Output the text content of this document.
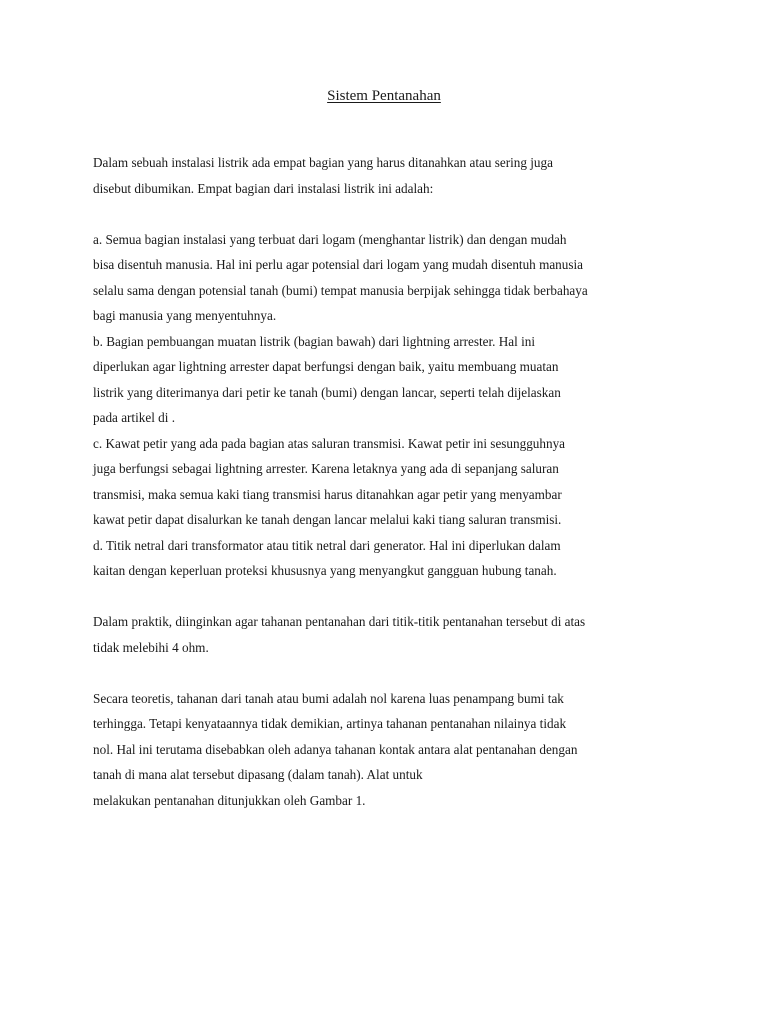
Sistem Pentanahan
Dalam sebuah instalasi listrik ada empat bagian yang harus ditanahkan atau sering juga
disebut dibumikan. Empat bagian dari instalasi listrik ini adalah:
a. Semua bagian instalasi yang terbuat dari logam (menghantar listrik) dan dengan mudah
bisa disentuh manusia. Hal ini perlu agar potensial dari logam yang mudah disentuh manusia
selalu sama dengan potensial tanah (bumi) tempat manusia berpijak sehingga tidak berbahaya
bagi manusia yang menyentuhnya.
b. Bagian pembuangan muatan listrik (bagian bawah) dari lightning arrester. Hal ini
diperlukan agar lightning arrester dapat berfungsi dengan baik, yaitu membuang muatan
listrik yang diterimanya dari petir ke tanah (bumi) dengan lancar, seperti telah dijelaskan
pada artikel di .
c. Kawat petir yang ada pada bagian atas saluran transmisi. Kawat petir ini sesungguhnya
juga berfungsi sebagai lightning arrester. Karena letaknya yang ada di sepanjang saluran
transmisi, maka semua kaki tiang transmisi harus ditanahkan agar petir yang menyambar
kawat petir dapat disalurkan ke tanah dengan lancar melalui kaki tiang saluran transmisi.
d. Titik netral dari transformator atau titik netral dari generator. Hal ini diperlukan dalam
kaitan dengan keperluan proteksi khususnya yang menyangkut gangguan hubung tanah.
Dalam praktik, diinginkan agar tahanan pentanahan dari titik-titik pentanahan tersebut di atas
tidak melebihi 4 ohm.
Secara teoretis, tahanan dari tanah atau bumi adalah nol karena luas penampang bumi tak
terhingga. Tetapi kenyataannya tidak demikian, artinya tahanan pentanahan nilainya tidak
nol. Hal ini terutama disebabkan oleh adanya tahanan kontak antara alat pentanahan dengan
tanah di mana alat tersebut dipasang (dalam tanah). Alat untuk
melakukan pentanahan ditunjukkan oleh Gambar 1.
